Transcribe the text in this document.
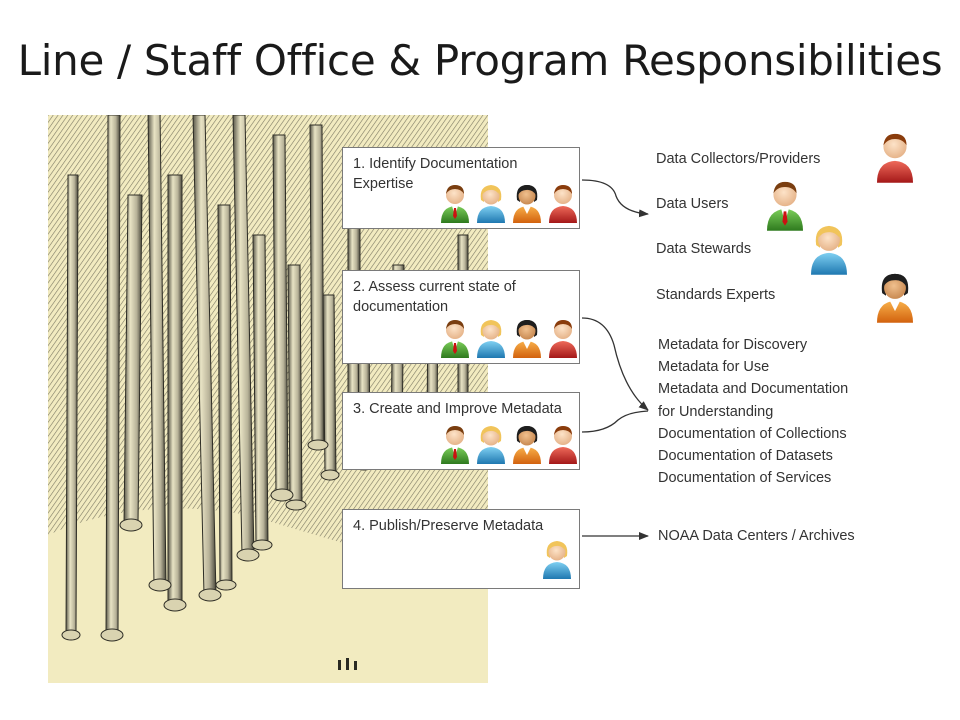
Line / Staff Office & Program Responsibilities
1. Identify Documentation Expertise
2. Assess current state of documentation
3. Create and Improve Metadata
4. Publish/Preserve Metadata
Data Collectors/Providers
Data Users
Data Stewards
Standards Experts
Metadata for Discovery
Metadata for Use
Metadata and Documentation
for Understanding
Documentation of Collections
Documentation of Datasets
Documentation of Services
NOAA Data Centers / Archives
